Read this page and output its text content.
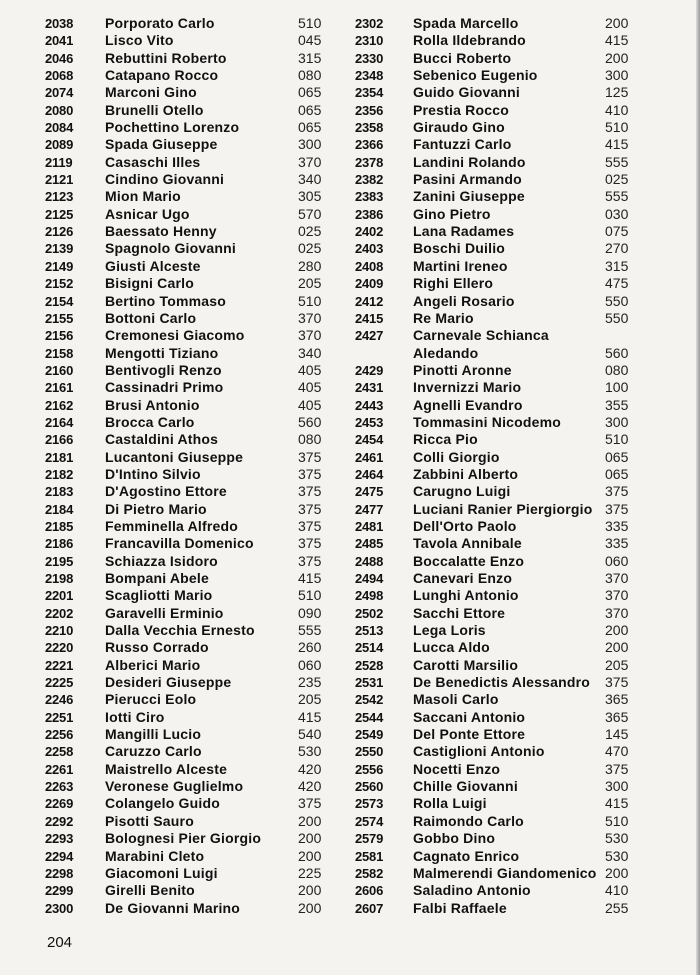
2038 Porporato Carlo	510
2041 Lisco Vito	045
2046 Rebuttini Roberto	315
2068 Catapano Rocco	080
2074 Marconi Gino	065
2080 Brunelli Otello	065
2084 Pochettino Lorenzo	065
2089 Spada Giuseppe	300
2119 Casaschi Illes	370
2121 Cindino Giovanni	340
2123 Mion Mario	305
2125 Asnicar Ugo	570
2126 Baessato Henny	025
2139 Spagnolo Giovanni	025
2149 Giusti Alceste	280
2152 Bisigni Carlo	205
2154 Bertino Tommaso	510
2155 Bottoni Carlo	370
2156 Cremonesi Giacomo	370
2158 Mengotti Tiziano	340
2160 Bentivogli Renzo	405
2161 Cassinadri Primo	405
2162 Brusi Antonio	405
2164 Brocca Carlo	560
2166 Castaldini Athos	080
2181 Lucantoni Giuseppe	375
2182 D'Intino Silvio	375
2183 D'Agostino Ettore	375
2184 Di Pietro Mario	375
2185 Femminella Alfredo	375
2186 Francavilla Domenico	375
2195 Schiazza Isidoro	375
2198 Bompani Abele	415
2201 Scagliotti Mario	510
2202 Garavelli Erminio	090
2210 Dalla Vecchia Ernesto	555
2220 Russo Corrado	260
2221 Alberici Mario	060
2225 Desideri Giuseppe	235
2246 Pierucci Eolo	205
2251 Iotti Ciro	415
2256 Mangilli Lucio	540
2258 Caruzzo Carlo	530
2261 Maistrello Alceste	420
2263 Veronese Guglielmo	420
2269 Colangelo Guido	375
2292 Pisotti Sauro	200
2293 Bolognesi Pier Giorgio	200
2294 Marabini Cleto	200
2298 Giacomoni Luigi	225
2299 Girelli Benito	200
2300 De Giovanni Marino	200
2302 Spada Marcello	200
2310 Rolla Ildebrando	415
2330 Bucci Roberto	200
2348 Sebenico Eugenio	300
2354 Guido Giovanni	125
2356 Prestia Rocco	410
2358 Giraudo Gino	510
2366 Fantuzzi Carlo	415
2378 Landini Rolando	555
2382 Pasini Armando	025
2383 Zanini Giuseppe	555
2386 Gino Pietro	030
2402 Lana Radames	075
2403 Boschi Duilio	270
2408 Martini Ireneo	315
2409 Righi Ellero	475
2412 Angeli Rosario	550
2415 Re Mario	550
2427 Carnevale Schianca
Aledando	560
2429 Pinotti Aronne	080
2431 Invernizzi Mario	100
2443 Agnelli Evandro	355
2453 Tommasini Nicodemo	300
2454 Ricca Pio	510
2461 Colli Giorgio	065
2464 Zabbini Alberto	065
2475 Carugno Luigi	375
2477 Luciani Ranier Piergiorgio 375
2481 Dell'Orto Paolo	335
2485 Tavola Annibale	335
2488 Boccalatte Enzo	060
2494 Canevari Enzo	370
2498 Lunghi Antonio	370
2502 Sacchi Ettore	370
2513 Lega Loris	200
2514 Lucca Aldo	200
2528 Carotti Marsilio	205
2531 De Benedictis Alessandro 375
2542 Masoli Carlo	365
2544 Saccani Antonio	365
2549 Del Ponte Ettore	145
2550 Castiglioni Antonio	470
2556 Nocetti Enzo	375
2560 Chille Giovanni	300
2573 Rolla Luigi	415
2574 Raimondo Carlo	510
2579 Gobbo Dino	530
2581 Cagnato Enrico	530
2582 Malmerendi Giandomenico 200
2606 Saladino Antonio	410
2607 Falbi Raffaele	255
204
